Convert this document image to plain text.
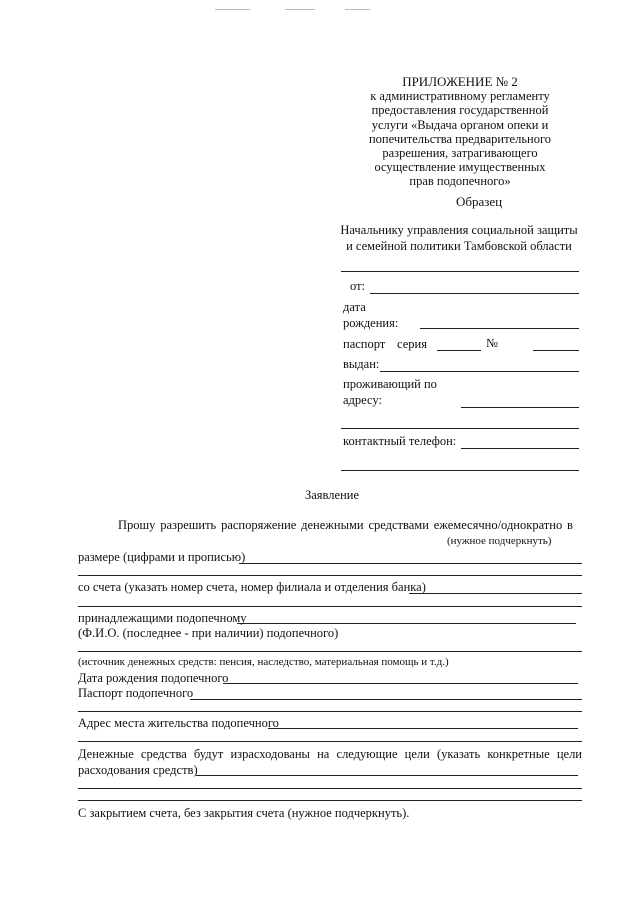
ПРИЛОЖЕНИЕ № 2
к административному регламенту
предоставления государственной
услуги «Выдача органом опеки и
попечительства предварительного
разрешения, затрагивающего
осуществление имущественных
прав подопечного»
Образец
Начальнику управления социальной защиты
и семейной политики Тамбовской области
от:
дата
рождения:
паспорт серия	№
выдан:
проживающий по
адресу:
контактный телефон:
Заявление
Прошу разрешить распоряжение денежными средствами ежемесячно/однократно в
(нужное подчеркнуть)
размере (цифрами и прописью)
со счета (указать номер счета, номер филиала и отделения банка)
принадлежащими подопечному
(Ф.И.О. (последнее - при наличии) подопечного)
(источник денежных средств: пенсия, наследство, материальная помощь и т.д.)
Дата рождения подопечного
Паспорт подопечного
Адрес места жительства подопечного
Денежные средства будут израсходованы на следующие цели (указать конкретные цели
расходования средств)
С закрытием счета, без закрытия счета (нужное подчеркнуть).
